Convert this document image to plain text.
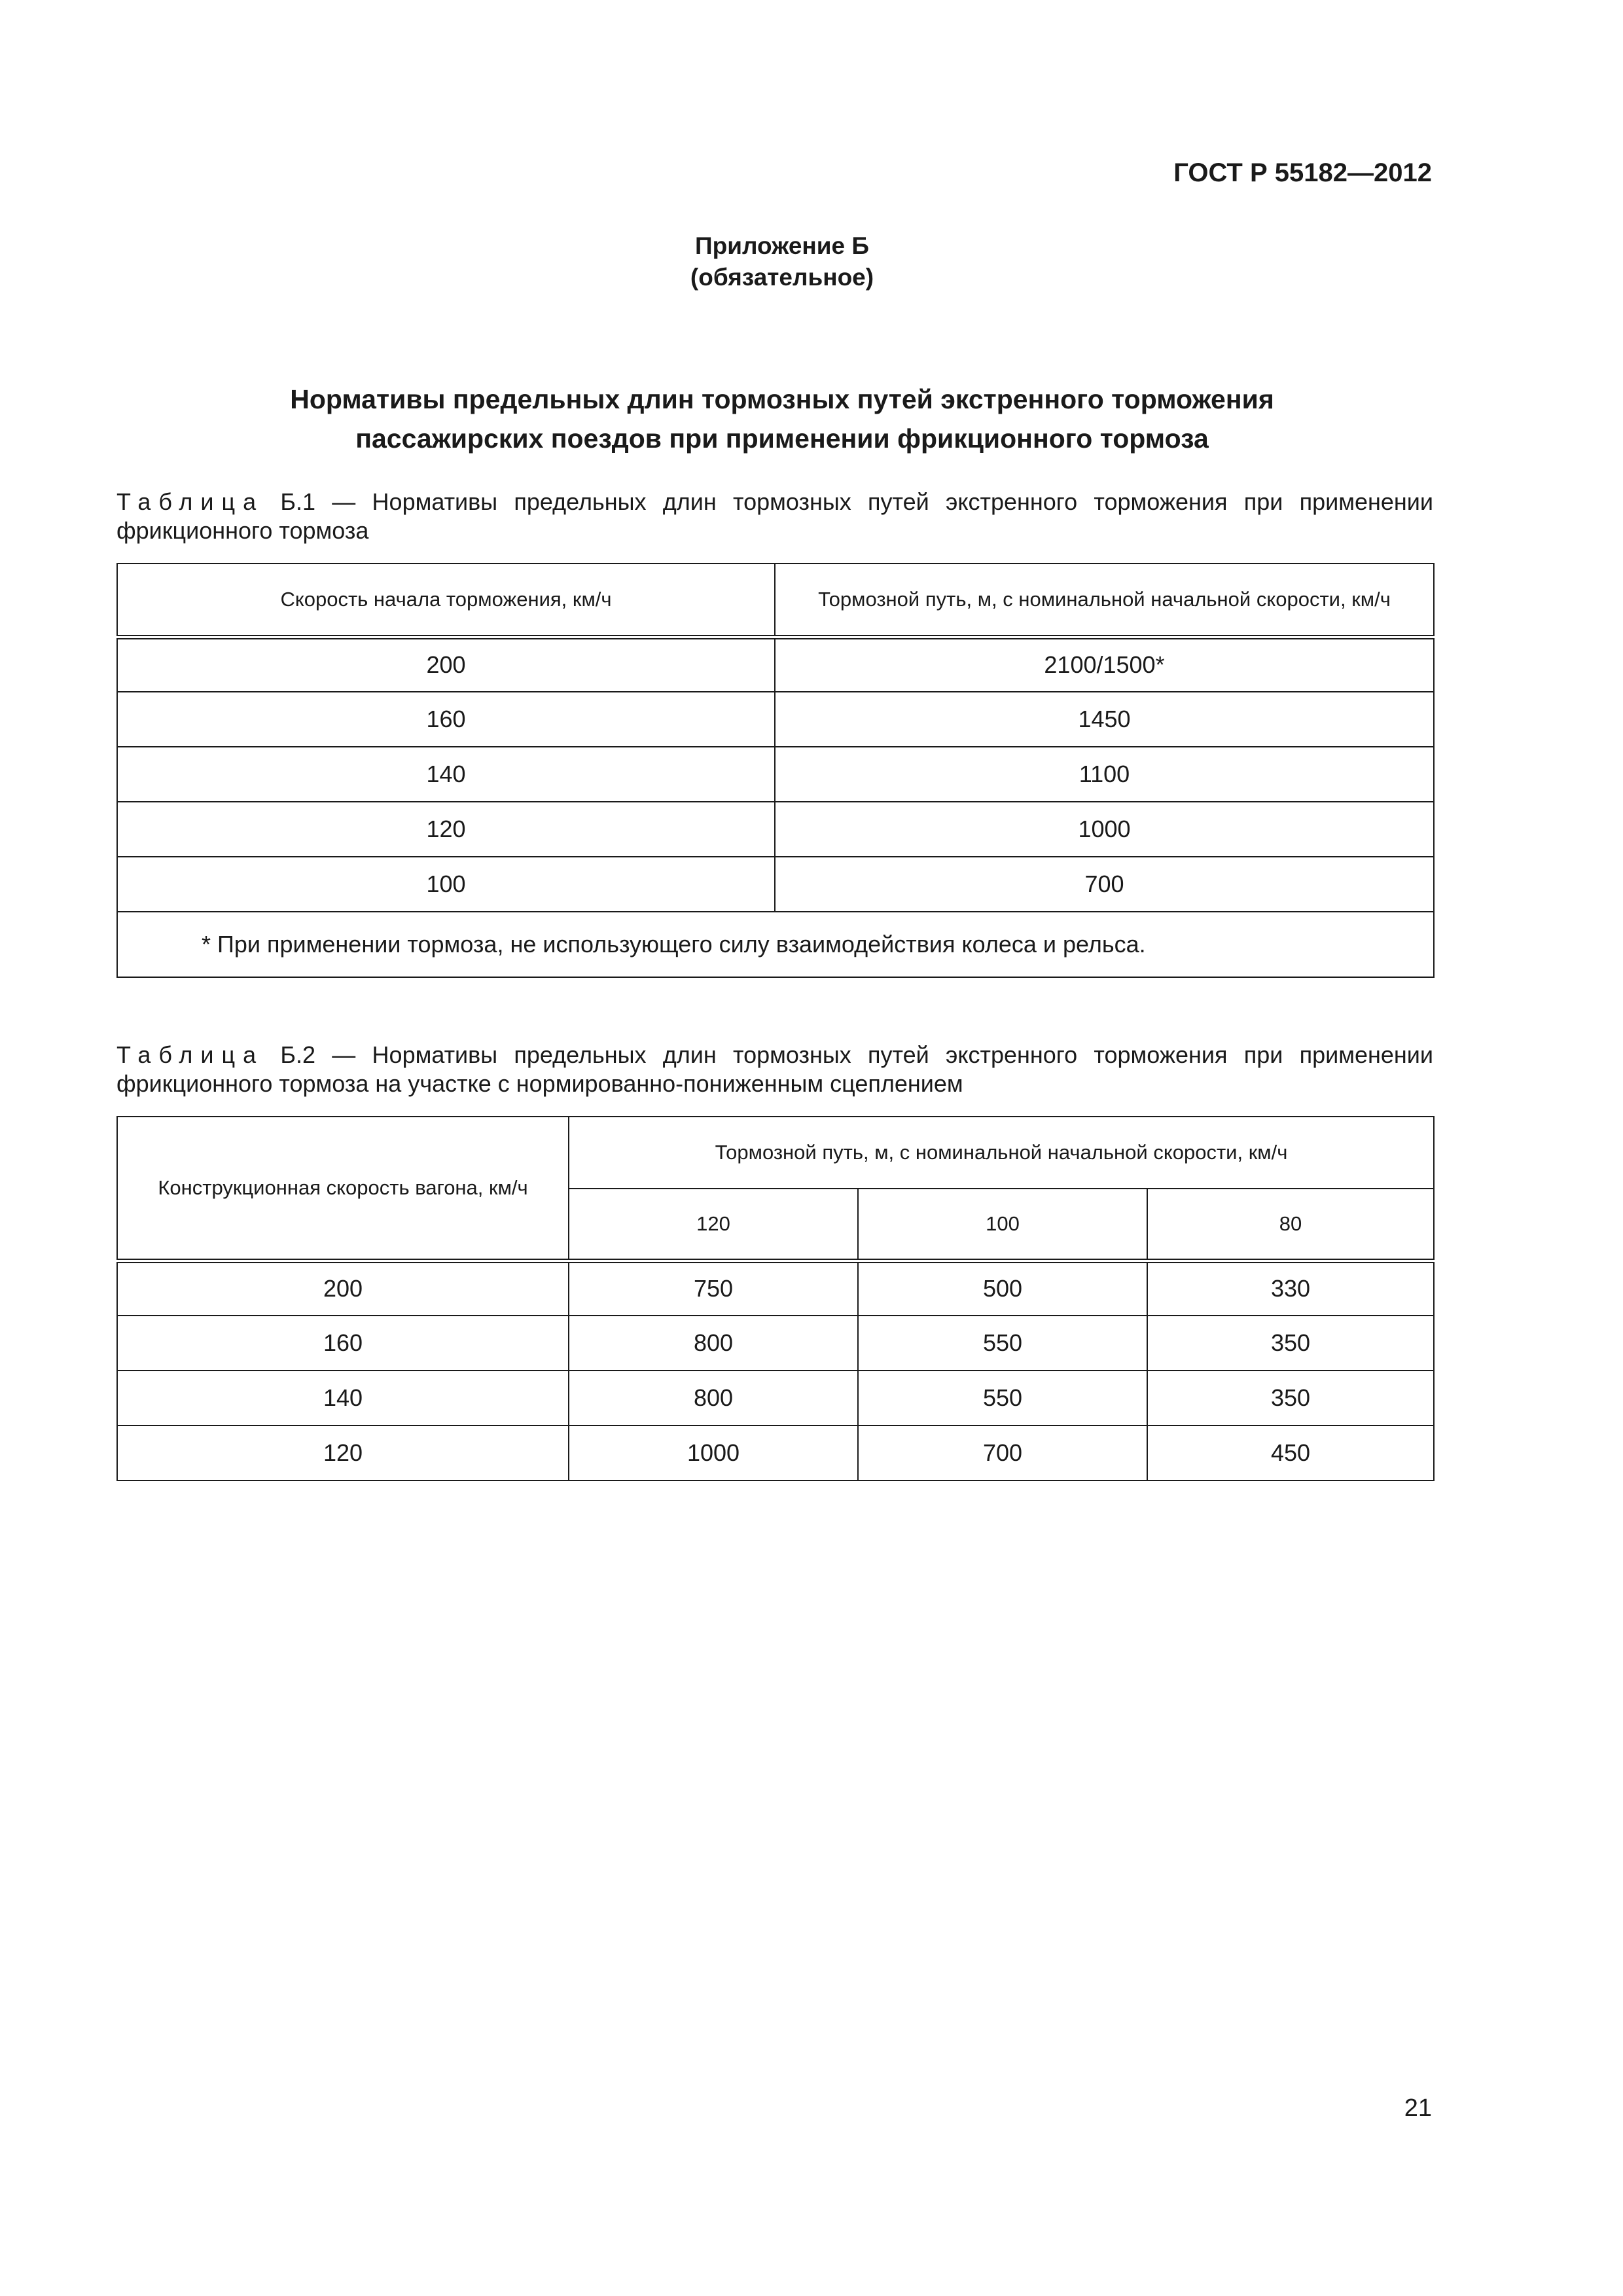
ГОСТ Р 55182—2012
Приложение Б
(обязательное)
Нормативы предельных длин тормозных путей экстренного торможения
пассажирских поездов при применении фрикционного тормоза
Таблица Б.1 — Нормативы предельных длин тормозных путей экстренного торможения при применении фрикционного тормоза
Скорость начала торможения, км/ч	Тормозной путь, м, с номинальной начальной скорости, км/ч
200	2100/1500*
160	1450
140	1100
120	1000
100	700
* При применении тормоза, не использующего силу взаимодействия колеса и рельса.	
Таблица Б.2 — Нормативы предельных длин тормозных путей экстренного торможения при применении фрикционного тормоза на участке с нормированно-пониженным сцеплением
Конструкционная скорость вагона, км/ч	Тормозной путь, м, с номинальной начальной скорости, км/ч		
	120	100	80
200	750	500	330
160	800	550	350
140	800	550	350
120	1000	700	450
21
